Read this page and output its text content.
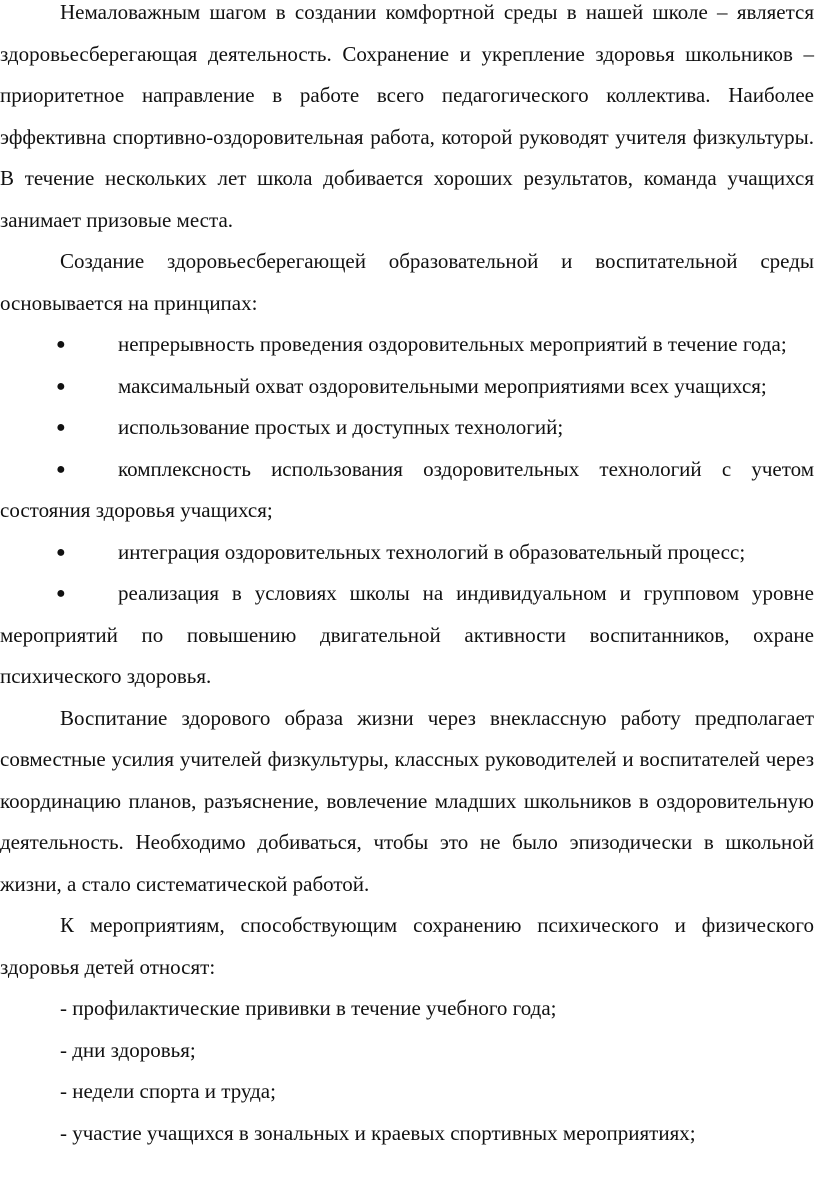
Немаловажным шагом в создании комфортной среды в нашей школе – является здоровьесберегающая деятельность. Сохранение и укрепление здоровья школьников – приоритетное направление в работе всего педагогического коллектива. Наиболее эффективна спортивно-оздоровительная работа, которой руководят учителя физкультуры. В течение нескольких лет школа добивается хороших результатов, команда учащихся занимает призовые места.

Создание здоровьесберегающей образовательной и воспитательной среды основывается на принципах:

● непрерывность проведения оздоровительных мероприятий в течение года;
● максимальный охват оздоровительными мероприятиями всех учащихся;
● использование простых и доступных технологий;
● комплексность использования оздоровительных технологий с учетом состояния здоровья учащихся;
● интеграция оздоровительных технологий в образовательный процесс;
● реализация в условиях школы на индивидуальном и групповом уровне мероприятий по повышению двигательной активности воспитанников, охране психического здоровья.

Воспитание здорового образа жизни через внеклассную работу предполагает совместные усилия учителей физкультуры, классных руководителей и воспитателей через координацию планов, разъяснение, вовлечение младших школьников в оздоровительную деятельность. Необходимо добиваться, чтобы это не было эпизодически в школьной жизни, а стало систематической работой.

К мероприятиям, способствующим сохранению психического и физического здоровья детей относят:

- профилактические прививки в течение учебного года;
- дни здоровья;
- недели спорта и труда;
- участие учащихся в зональных и краевых спортивных мероприятиях;
